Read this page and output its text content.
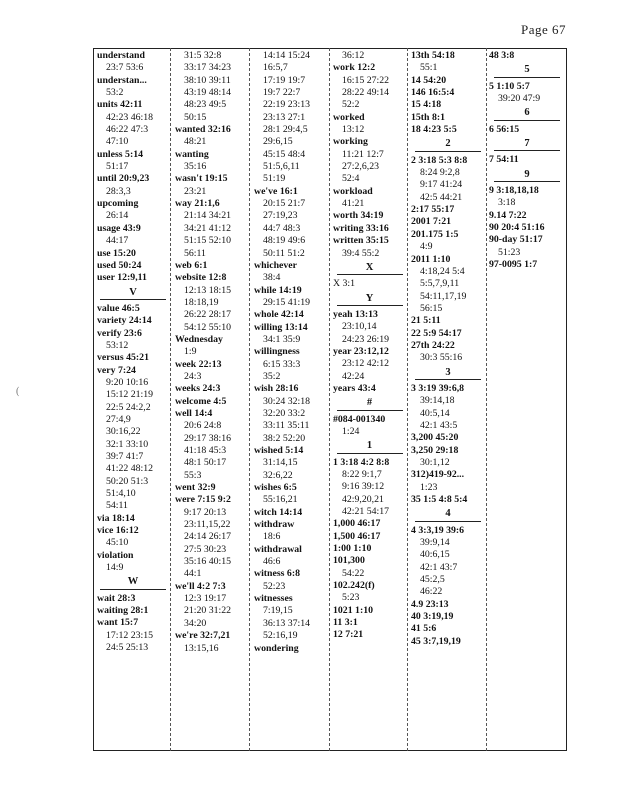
Page 67
(
understand
23:7 53:6
understan...
53:2
units 42:11
42:23 46:18
46:22 47:3
47:10
unless 5:14
51:17
until 20:9,23
28:3,3
upcoming
26:14
usage 43:9
44:17
use 15:20
used 50:24
user 12:9,11
V
value 46:5
variety 24:14
verify 23:6
53:12
versus 45:21
very 7:24
9:20 10:16
15:12 21:19
22:5 24:2,2
27:4,9
30:16,22
32:1 33:10
39:7 41:7
41:22 48:12
50:20 51:3
51:4,10
54:11
via 18:14
vice 16:12
45:10
violation
14:9
W
wait 28:3
waiting 28:1
want 15:7
17:12 23:15
24:5 25:13
31:5 32:8
33:17 34:23
38:10 39:11
43:19 48:14
48:23 49:5
50:15
wanted 32:16
48:21
wanting
35:16
wasn't 19:15
23:21
way 21:1,6
21:14 34:21
34:21 41:12
51:15 52:10
56:11
web 6:1
website 12:8
12:13 18:15
18:18,19
26:22 28:17
54:12 55:10
Wednesday
1:9
week 22:13
24:3
weeks 24:3
welcome 4:5
well 14:4
20:6 24:8
29:17 38:16
41:18 45:3
48:1 50:17
55:3
went 32:9
were 7:15 9:2
9:17 20:13
23:11,15,22
24:14 26:17
27:5 30:23
35:16 40:15
44:1
we'll 4:2 7:3
12:3 19:17
21:20 31:22
34:20
we're 32:7,21
13:15,16
14:14 15:24
16:5,7
17:19 19:7
19:7 22:7
22:19 23:13
23:13 27:1
28:1 29:4,5
29:6,15
45:15 48:4
51:5,6,11
51:19
we've 16:1
20:15 21:7
27:19,23
44:7 48:3
48:19 49:6
50:11 51:2
whichever
38:4
while 14:19
29:15 41:19
whole 42:14
willing 13:14
34:1 35:9
willingness
6:15 33:3
35:2
wish 28:16
30:24 32:18
32:20 33:2
33:11 35:11
38:2 52:20
wished 5:14
31:14,15
32:6,22
wishes 6:5
55:16,21
witch 14:14
withdraw
18:6
withdrawal
46:6
witness 6:8
52:23
witnesses
7:19,15
36:13 37:14
52:16,19
wondering
36:12
work 12:2
16:15 27:22
28:22 49:14
52:2
worked
13:12
working
11:21 12:7
27:2,6,23
52:4
workload
41:21
worth 34:19
writing 33:16
written 35:15
39:4 55:2
X
X 3:1
Y
yeah 13:13
23:10,14
24:23 26:19
year 23:12,12
23:12 42:12
42:24
years 43:4
#
#084-001340
1:24
1
1 3:18 4:2 8:8
8:22 9:1,7
9:16 39:12
42:9,20,21
42:21 54:17
1,000 46:17
1,500 46:17
1:00 1:10
101,300
54:22
102.242(f)
5:23
1021 1:10
11 3:1
12 7:21
13th 54:18
55:1
14 54:20
146 16:5:4
15 4:18
15th 8:1
18 4:23 5:5
2
2 3:18 5:3 8:8
8:24 9:2,8
9:17 41:24
42:5 44:21
2:17 55:17
2001 7:21
201.175 1:5
4:9
2011 1:10
4:18,24 5:4
5:5,7,9,11
54:11,17,19
56:15
21 5:11
22 5:9 54:17
27th 24:22
30:3 55:16
3
3 3:19 39:6,8
39:14,18
40:5,14
42:1 43:5
3,200 45:20
3,250 29:18
30:1,12
312)419-92...
1:23
35 1:5 4:8 5:4
4
4 3:3,19 39:6
39:9,14
40:6,15
42:1 43:7
45:2,5
46:22
4.9 23:13
40 3:19,19
41 5:6
45 3:7,19,19
48 3:8
5
5 1:10 5:7
39:20 47:9
6
6 56:15
7
7 54:11
9
9 3:18,18,18
3:18
9.14 7:22
90 20:4 51:16
90-day 51:17
51:23
97-0095 1:7
